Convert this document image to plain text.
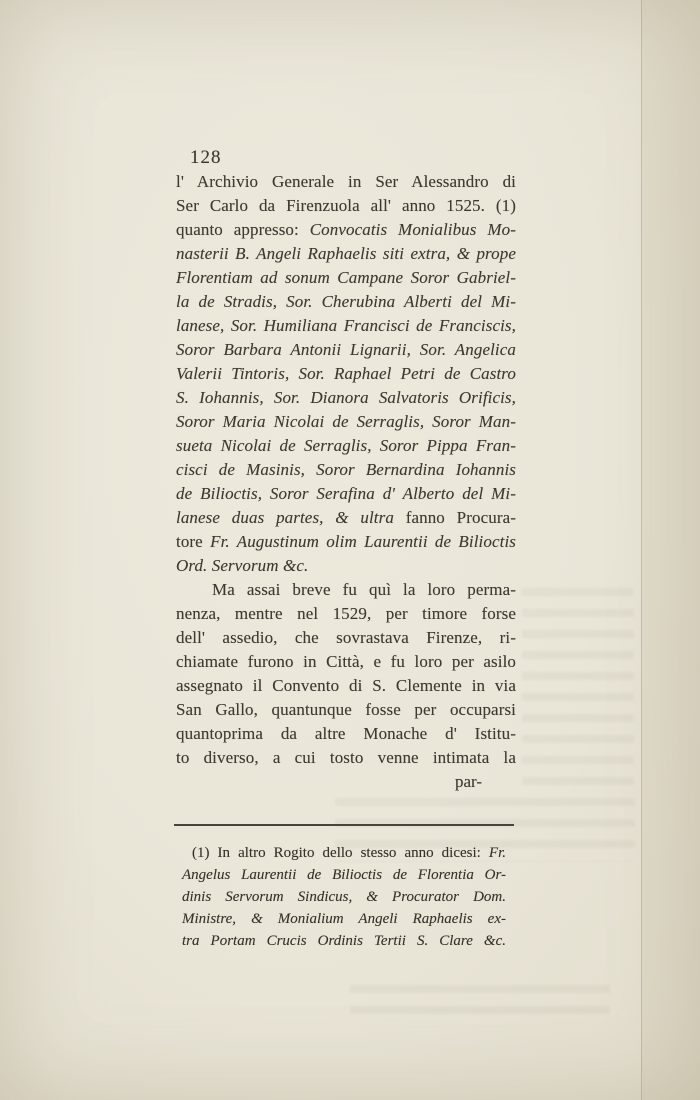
128
l' Archivio Generale in Ser Alessandro di
Ser Carlo da Firenzuola all' anno 1525. (1)
quanto appresso: Convocatis Monialibus Mo-
nasterii B. Angeli Raphaelis siti extra, & prope
Florentiam ad sonum Campane Soror Gabriel-
la de Stradis, Sor. Cherubina Alberti del Mi-
lanese, Sor. Humiliana Francisci de Franciscis,
Soror Barbara Antonii Lignarii, Sor. Angelica
Valerii Tintoris, Sor. Raphael Petri de Castro
S. Iohannis, Sor. Dianora Salvatoris Orificis,
Soror Maria Nicolai de Serraglis, Soror Man-
sueta Nicolai de Serraglis, Soror Pippa Fran-
cisci de Masinis, Soror Bernardina Iohannis
de Bilioctis, Soror Serafina d' Alberto del Mi-
lanese duas partes, & ultra fanno Procura-
tore Fr. Augustinum olim Laurentii de Bilioctis
Ord. Servorum &c.
Ma assai breve fu quì la loro perma-
nenza, mentre nel 1529, per timore forse
dell' assedio, che sovrastava Firenze, ri-
chiamate furono in Città, e fu loro per asilo
assegnato il Convento di S. Clemente in via
San Gallo, quantunque fosse per occuparsi
quantoprima da altre Monache d' Istitu-
to diverso, a cui tosto venne intimata la
par-
(1) In altro Rogito dello stesso anno dicesi: Fr.
Angelus Laurentii de Bilioctis de Florentia Or-
dinis Servorum Sindicus, & Procurator Dom.
Ministre, & Monialium Angeli Raphaelis ex-
tra Portam Crucis Ordinis Tertii S. Clare &c.
